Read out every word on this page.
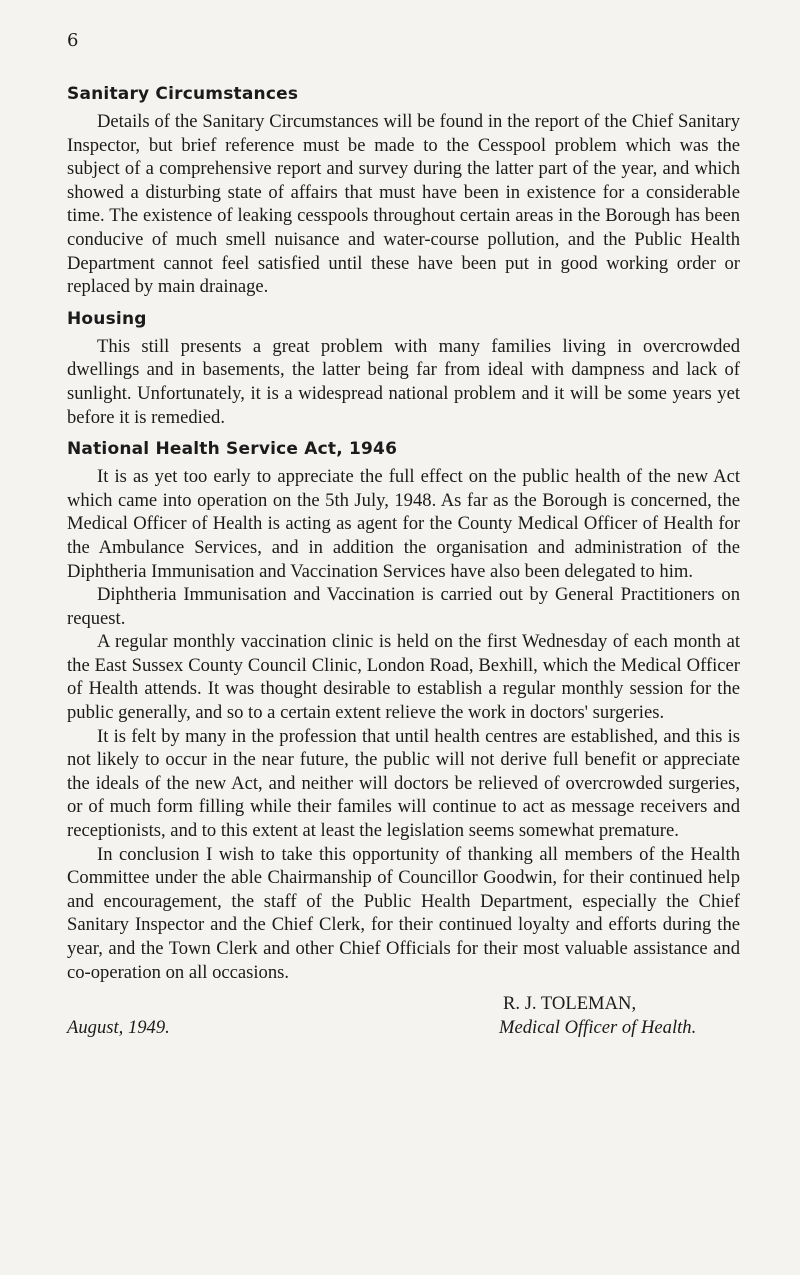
6
Sanitary Circumstances

Details of the Sanitary Circumstances will be found in the report of the Chief Sanitary Inspector, but brief reference must be made to the Cesspool problem which was the subject of a comprehensive report and survey during the latter part of the year, and which showed a disturbing state of affairs that must have been in existence for a considerable time. The existence of leaking cesspools throughout certain areas in the Borough has been conducive of much smell nuisance and water-course pollution, and the Public Health Department cannot feel satisfied until these have been put in good working order or replaced by main drainage.

Housing

This still presents a great problem with many families living in overcrowded dwellings and in basements, the latter being far from ideal with dampness and lack of sunlight. Unfortunately, it is a widespread national problem and it will be some years yet before it is remedied.

National Health Service Act, 1946

It is as yet too early to appreciate the full effect on the public health of the new Act which came into operation on the 5th July, 1948. As far as the Borough is concerned, the Medical Officer of Health is acting as agent for the County Medical Officer of Health for the Ambulance Services, and in addition the organisation and administration of the Diphtheria Immunisation and Vaccination Services have also been delegated to him.

Diphtheria Immunisation and Vaccination is carried out by General Practitioners on request.

A regular monthly vaccination clinic is held on the first Wednesday of each month at the East Sussex County Council Clinic, London Road, Bexhill, which the Medical Officer of Health attends. It was thought desirable to establish a regular monthly session for the public generally, and so to a certain extent relieve the work in doctors' surgeries.

It is felt by many in the profession that until health centres are established, and this is not likely to occur in the near future, the public will not derive full benefit or appreciate the ideals of the new Act, and neither will doctors be relieved of overcrowded surgeries, or of much form filling while their familes will continue to act as message receivers and receptionists, and to this extent at least the legislation seems somewhat premature.

In conclusion I wish to take this opportunity of thanking all members of the Health Committee under the able Chairmanship of Councillor Goodwin, for their continued help and encouragement, the staff of the Public Health Department, especially the Chief Sanitary Inspector and the Chief Clerk, for their continued loyalty and efforts during the year, and the Town Clerk and other Chief Officials for their most valuable assistance and co-operation on all occasions.

August, 1949.
R. J. TOLEMAN,
Medical Officer of Health.
